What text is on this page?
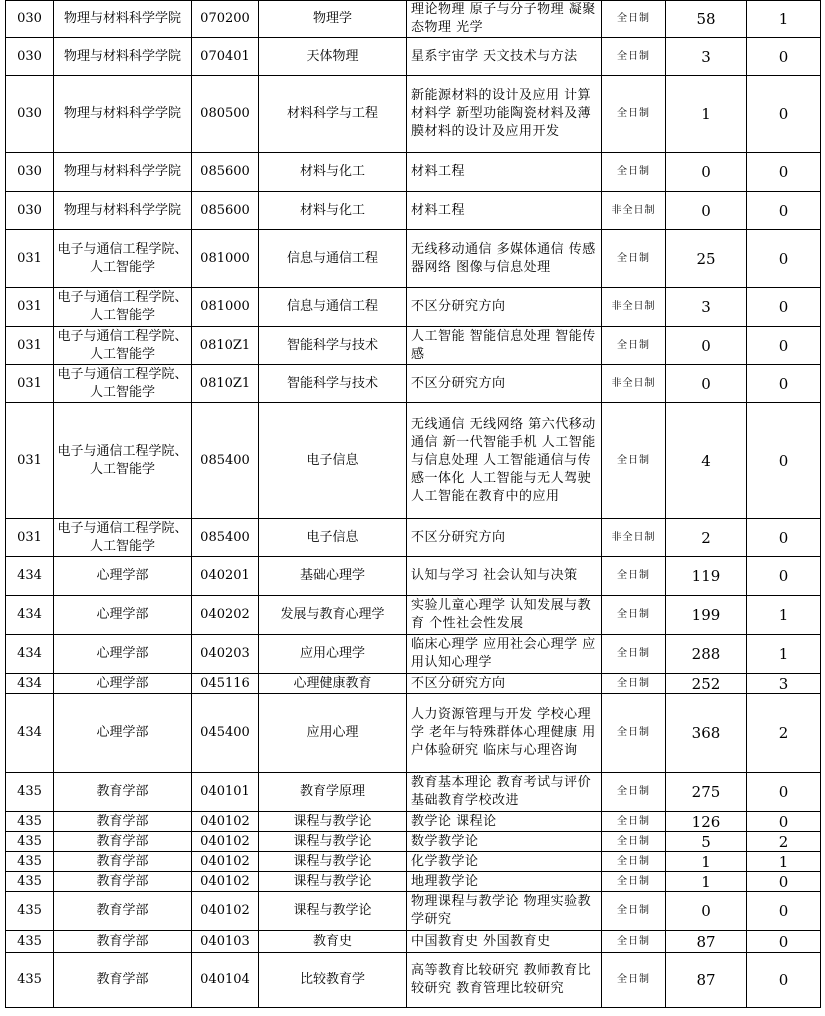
030	物理与材料科学学院	070200	物理学	理论物理 原子与分子物理 凝聚态物理 光学	全日制	58	1
030	物理与材料科学学院	070401	天体物理	星系宇宙学 天文技术与方法	全日制	3	0
030	物理与材料科学学院	080500	材料科学与工程	新能源材料的设计及应用 计算材料学 新型功能陶瓷材料及薄膜材料的设计及应用开发	全日制	1	0
030	物理与材料科学学院	085600	材料与化工	材料工程	全日制	0	0
030	物理与材料科学学院	085600	材料与化工	材料工程	非全日制	0	0
031	电子与通信工程学院、人工智能学	081000	信息与通信工程	无线移动通信 多媒体通信 传感器网络 图像与信息处理	全日制	25	0
031	电子与通信工程学院、人工智能学	081000	信息与通信工程	不区分研究方向	非全日制	3	0
031	电子与通信工程学院、人工智能学	0810Z1	智能科学与技术	人工智能 智能信息处理 智能传感	全日制	0	0
031	电子与通信工程学院、人工智能学	0810Z1	智能科学与技术	不区分研究方向	非全日制	0	0
031	电子与通信工程学院、人工智能学	085400	电子信息	无线通信 无线网络 第六代移动通信 新一代智能手机 人工智能与信息处理 人工智能通信与传感一体化 人工智能与无人驾驶 人工智能在教育中的应用	全日制	4	0
031	电子与通信工程学院、人工智能学	085400	电子信息	不区分研究方向	非全日制	2	0
434	心理学部	040201	基础心理学	认知与学习 社会认知与决策	全日制	119	0
434	心理学部	040202	发展与教育心理学	实验儿童心理学 认知发展与教育 个性社会性发展	全日制	199	1
434	心理学部	040203	应用心理学	临床心理学 应用社会心理学 应用认知心理学	全日制	288	1
434	心理学部	045116	心理健康教育	不区分研究方向	全日制	252	3
434	心理学部	045400	应用心理	人力资源管理与开发 学校心理学 老年与特殊群体心理健康 用户体验研究 临床与心理咨询	全日制	368	2
435	教育学部	040101	教育学原理	教育基本理论 教育考试与评价 基础教育学校改进	全日制	275	0
435	教育学部	040102	课程与教学论	教学论 课程论	全日制	126	0
435	教育学部	040102	课程与教学论	数学教学论	全日制	5	2
435	教育学部	040102	课程与教学论	化学教学论	全日制	1	1
435	教育学部	040102	课程与教学论	地理教学论	全日制	1	0
435	教育学部	040102	课程与教学论	物理课程与教学论 物理实验教学研究	全日制	0	0
435	教育学部	040103	教育史	中国教育史 外国教育史	全日制	87	0
435	教育学部	040104	比较教育学	高等教育比较研究 教师教育比较研究 教育管理比较研究	全日制	87	0
